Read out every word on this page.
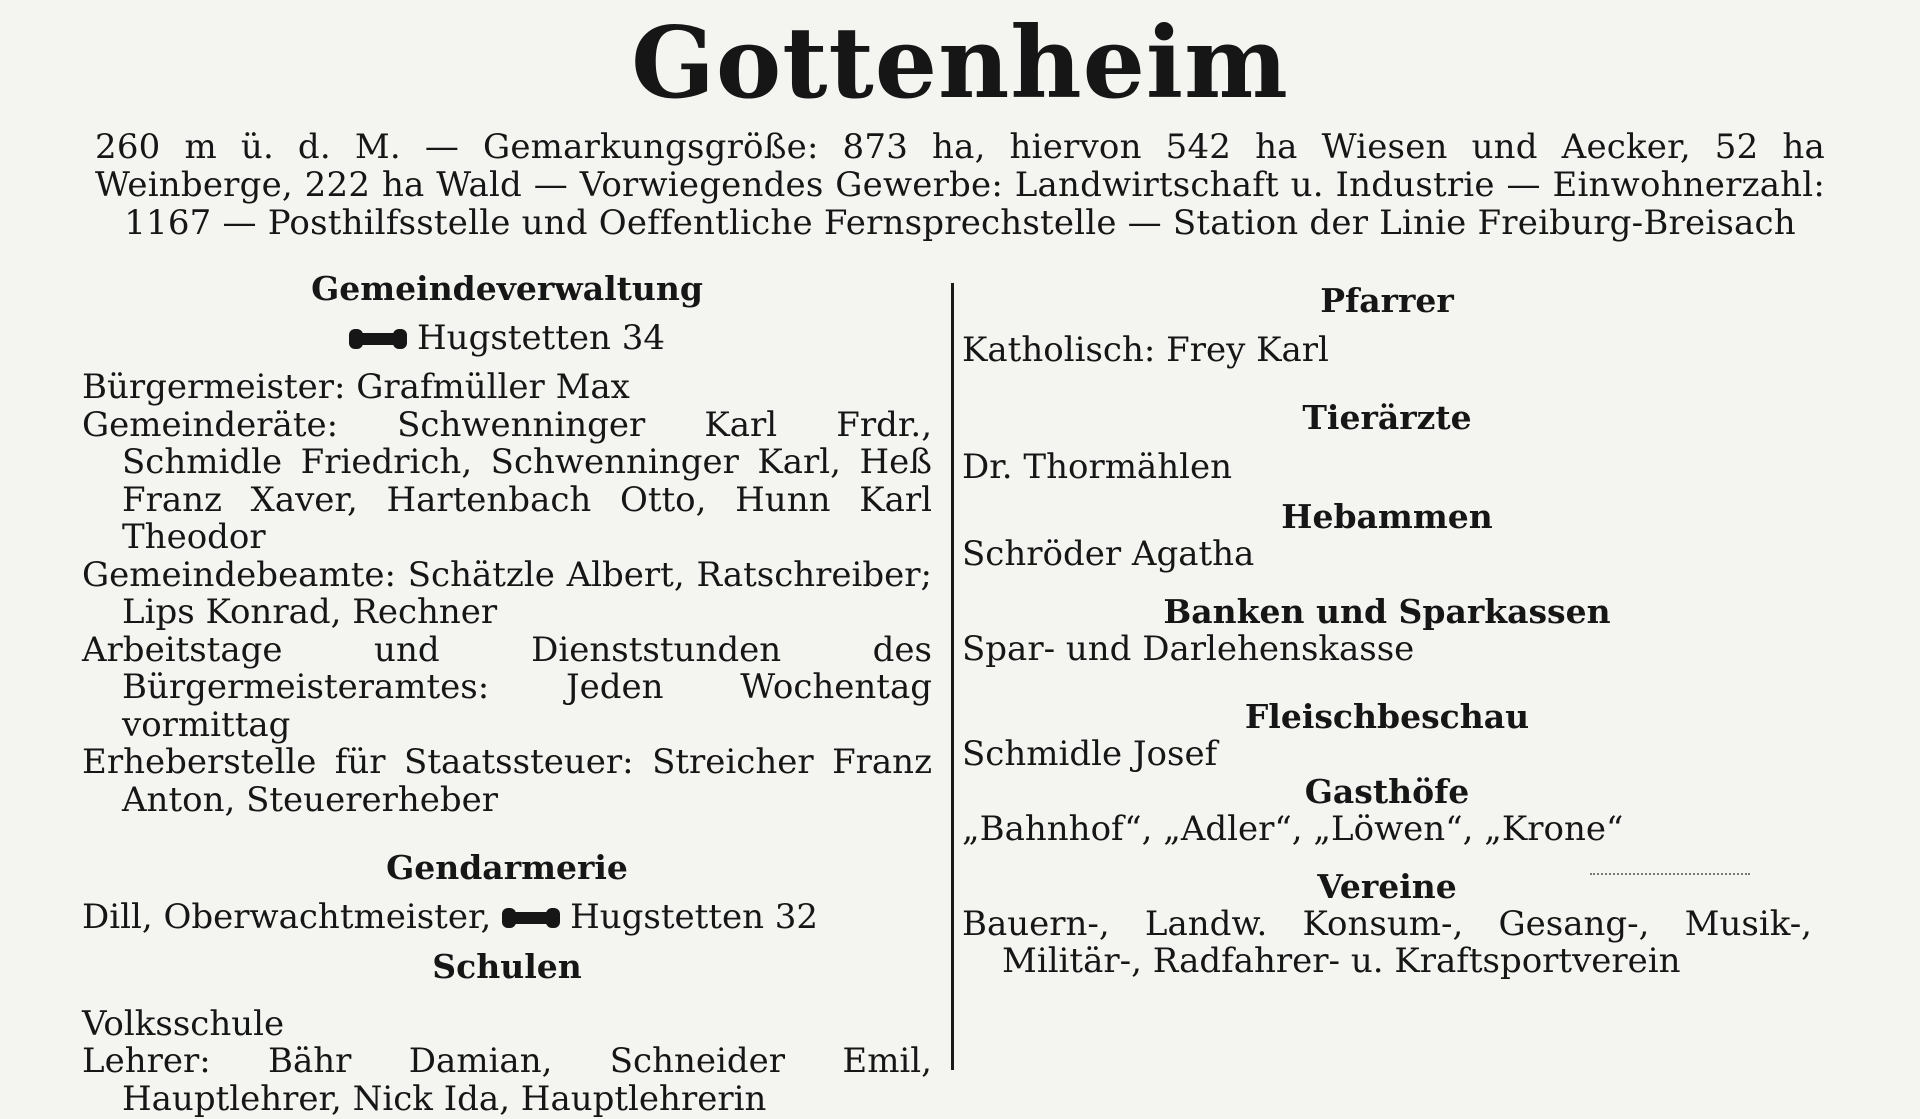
Gottenheim
260 m ü. d. M. — Gemarkungsgröße: 873 ha, hiervon 542 ha Wiesen und Aecker, 52 ha Weinberge, 222 ha Wald — Vorwiegendes Gewerbe: Landwirtschaft u. Industrie — Einwohnerzahl: 1167 — Posthilfsstelle und Oeffentliche Fernsprechstelle — Station der Linie Freiburg-Breisach

Gemeindeverwaltung

Hugstetten 34

Bürgermeister: Grafmüller Max

Gemeinderäte: Schwenninger Karl Frdr., Schmidle Friedrich, Schwenninger Karl, Heß Franz Xaver, Hartenbach Otto, Hunn Karl Theodor

Gemeindebeamte: Schätzle Albert, Ratschreiber; Lips Konrad, Rechner

Arbeitstage und Dienststunden des Bürgermeisteramtes: Jeden Wochentag vormittag

Erheberstelle für Staatssteuer: Streicher Franz Anton, Steuererheber

Gendarmerie

Dill, Oberwachtmeister, Hugstetten 32

Schulen

Volksschule

Lehrer: Bähr Damian, Schneider Emil, Hauptlehrer, Nick Ida, Hauptlehrerin

Pfarrer

Katholisch: Frey Karl

Tierärzte

Dr. Thormählen

Hebammen

Schröder Agatha

Banken und Sparkassen

Spar- und Darlehenskasse

Fleischbeschau

Schmidle Josef

Gasthöfe

„Bahnhof“, „Adler“, „Löwen“, „Krone“

Vereine

Bauern-, Landw. Konsum-, Gesang-, Musik-, Militär-, Radfahrer- u. Kraftsportverein
